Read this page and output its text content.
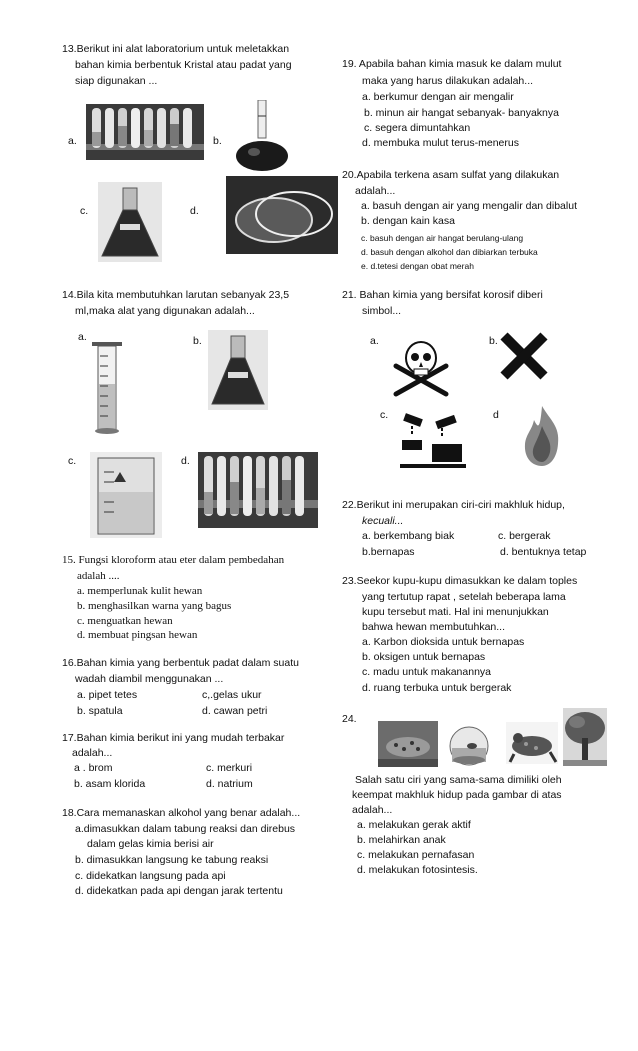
13.Berikut ini alat laboratorium untuk meletakkan
bahan kimia berbentuk Kristal atau padat yang
siap digunakan ...
a.	b.
c.	d.
14.Bila kita membutuhkan larutan sebanyak 23,5
ml,maka alat yang digunakan adalah...
a.	b.
c.	d.
15. Fungsi kloroform atau eter dalam pembedahan
adalah ....
a. memperlunak kulit hewan
b. menghasilkan warna yang bagus
c. menguatkan hewan
d. membuat pingsan hewan
16.Bahan kimia yang berbentuk padat dalam suatu
wadah diambil menggunakan ...
a. pipet tetes	c,.gelas ukur
b. spatula	d. cawan petri
17.Bahan kimia berikut ini yang mudah terbakar
adalah...
a . brom	c. merkuri
b. asam klorida	d. natrium
18.Cara memanaskan alkohol yang benar adalah...
a.dimasukkan dalam tabung reaksi dan direbus
dalam gelas kimia berisi air
b. dimasukkan langsung ke tabung reaksi
c. didekatkan langsung pada api
d. didekatkan pada api dengan jarak tertentu
19. Apabila bahan kimia masuk ke dalam mulut
maka yang harus dilakukan adalah...
a. berkumur dengan air mengalir
b. minun air hangat sebanyak- banyaknya
c. segera dimuntahkan
d. membuka mulut terus-menerus
20.Apabila terkena asam sulfat yang dilakukan
adalah...
a. basuh dengan air yang mengalir dan dibalut
b. dengan kain kasa
c. basuh dengan air hangat berulang-ulang
d. basuh dengan alkohol dan dibiarkan terbuka
e. d.tetesi dengan obat merah
21. Bahan kimia yang bersifat korosif diberi
simbol...
a.	b.
c.	d
22.Berikut ini merupakan ciri-ciri makhluk hidup,
kecuali...
a. berkembang biak	c. bergerak
b.bernapas	d. bentuknya tetap
23.Seekor kupu-kupu dimasukkan ke dalam toples
yang tertutup rapat , setelah beberapa lama
kupu tersebut mati. Hal ini menunjukkan
bahwa hewan membutuhkan...
a. Karbon dioksida untuk bernapas
b. oksigen untuk bernapas
c. madu untuk makanannya
d. ruang terbuka untuk bergerak
24.
Salah satu ciri yang sama-sama dimiliki oleh
keempat makhluk hidup pada gambar di atas
adalah...
a. melakukan gerak aktif
b. melahirkan anak
c. melakukan pernafasan
d. melakukan fotosintesis.
